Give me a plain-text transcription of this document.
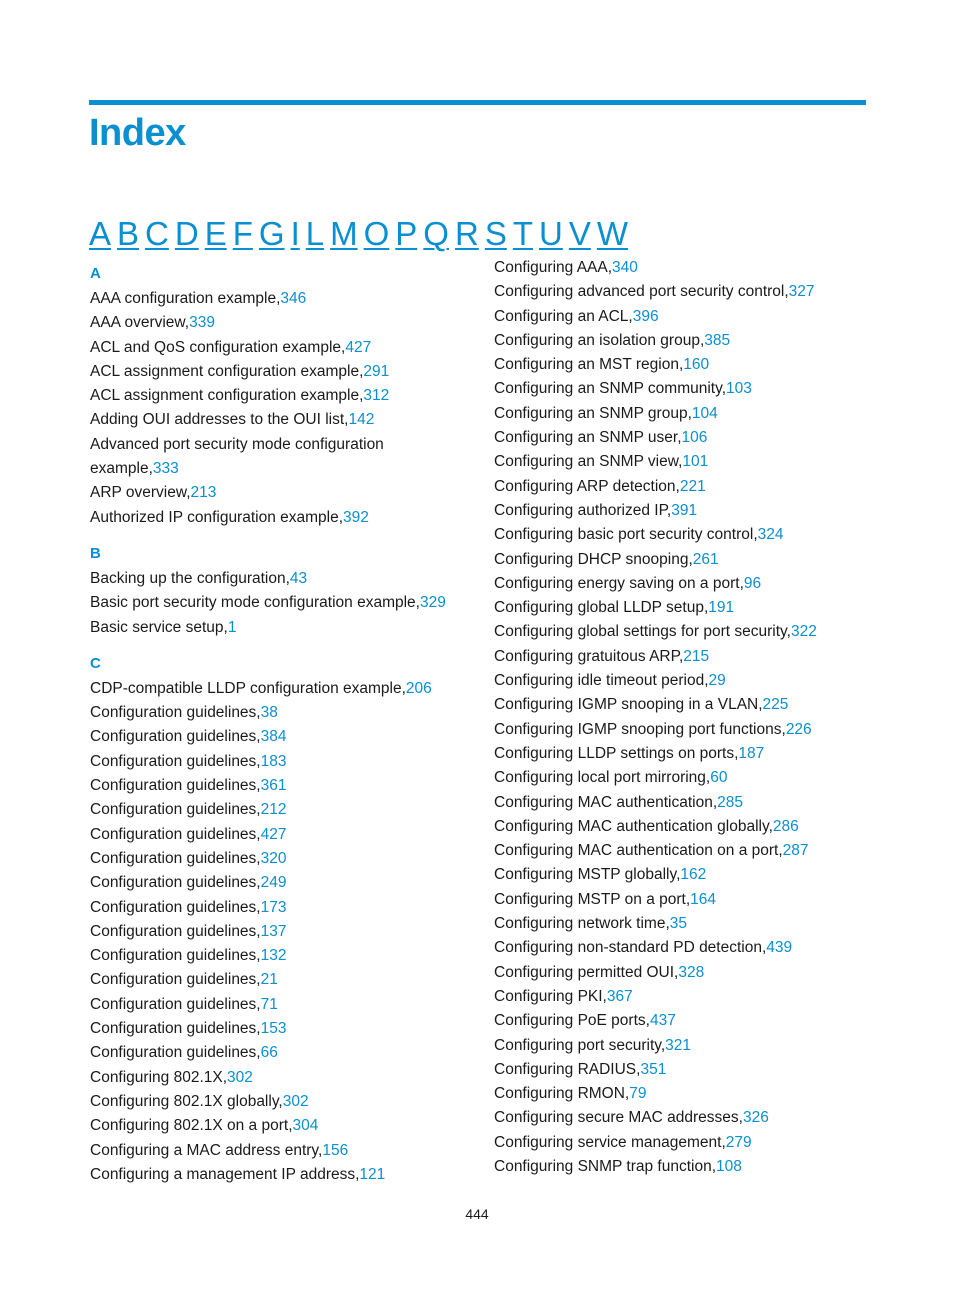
Index
A B C D E F G I L M O P Q R S T U V W
A
AAA configuration example,346
AAA overview,339
ACL and QoS configuration example,427
ACL assignment configuration example,291
ACL assignment configuration example,312
Adding OUI addresses to the OUI list,142
Advanced port security mode configuration example,333
ARP overview,213
Authorized IP configuration example,392
B
Backing up the configuration,43
Basic port security mode configuration example,329
Basic service setup,1
C
CDP-compatible LLDP configuration example,206
Configuration guidelines,38
Configuration guidelines,384
Configuration guidelines,183
Configuration guidelines,361
Configuration guidelines,212
Configuration guidelines,427
Configuration guidelines,320
Configuration guidelines,249
Configuration guidelines,173
Configuration guidelines,137
Configuration guidelines,132
Configuration guidelines,21
Configuration guidelines,71
Configuration guidelines,153
Configuration guidelines,66
Configuring 802.1X,302
Configuring 802.1X globally,302
Configuring 802.1X on a port,304
Configuring a MAC address entry,156
Configuring a management IP address,121
Configuring AAA,340
Configuring advanced port security control,327
Configuring an ACL,396
Configuring an isolation group,385
Configuring an MST region,160
Configuring an SNMP community,103
Configuring an SNMP group,104
Configuring an SNMP user,106
Configuring an SNMP view,101
Configuring ARP detection,221
Configuring authorized IP,391
Configuring basic port security control,324
Configuring DHCP snooping,261
Configuring energy saving on a port,96
Configuring global LLDP setup,191
Configuring global settings for port security,322
Configuring gratuitous ARP,215
Configuring idle timeout period,29
Configuring IGMP snooping in a VLAN,225
Configuring IGMP snooping port functions,226
Configuring LLDP settings on ports,187
Configuring local port mirroring,60
Configuring MAC authentication,285
Configuring MAC authentication globally,286
Configuring MAC authentication on a port,287
Configuring MSTP globally,162
Configuring MSTP on a port,164
Configuring network time,35
Configuring non-standard PD detection,439
Configuring permitted OUI,328
Configuring PKI,367
Configuring PoE ports,437
Configuring port security,321
Configuring RADIUS,351
Configuring RMON,79
Configuring secure MAC addresses,326
Configuring service management,279
Configuring SNMP trap function,108
444
